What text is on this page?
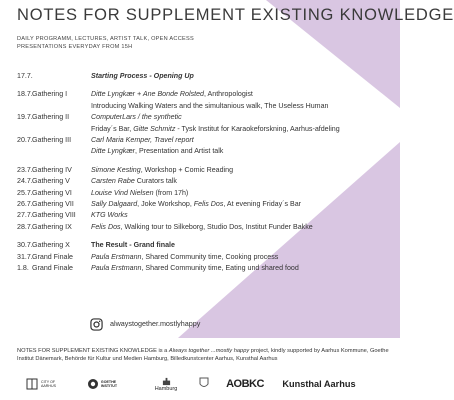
NOTES FOR SUPPLEMENT EXISTING KNOWLEDGE
DAILY PROGRAMM, LECTURES, ARTIST TALK, OPEN ACCESS
PRESENTATIONS EVERYDAY FROM 15H
17.7.	Starting Process - Opening Up
18.7. Gathering I	Ditte Lyngkær + Ane Bonde Rolsted, Anthropologist
Introducing Walking Waters and the simultanious walk, The Useless Human
19.7. Gathering II	ComputerLars / the synthetic
Friday´s Bar, Gitte Schmitz - Tysk Institut for Karaokeforskning, Aarhus-afdeling
20.7. Gathering III	Carl Maria Kemper, Travel report
Ditte Lyngkær, Presentation and Artist talk
23.7. Gathering IV	Simone Kesting, Workshop + Comic Reading
24.7. Gathering V	Carsten Rabe Curators talk
25.7. Gathering VI	Louise Vind Nielsen (from 17h)
26.7. Gathering VII	Sally Dalgaard, Joke Workshop, Felis Dos, At evening Friday´s Bar
27.7. Gathering VIII	KTG Works
28.7. Gathering IX	Felis Dos, Walking tour to Silkeborg, Studio Dos, Institut Funder Bakke
30.7. Gathering X	The Result - Grand finale
31.7. Grand Finale	Paula Erstmann, Shared Community time, Cooking process
1.8. Grand Finale	Paula Erstmann, Shared Community time, Eating und shared food
alwaystogether.mostlyhappy
NOTES FOR SUPPLEMENT EXISTING KNOWLEDGE is a Always together ...mostly happy project, kindly supported by Aarhus Kommune, Goethe Institut Dänemark, Behörde für Kultur und Medien Hamburg, Billedkunstcenter Aarhus, Kunsthal Aarhus
CITY OF
AARHUS
GOETHE
INSTITUT	Hamburg	AOBKC	Kunsthal Aarhus
